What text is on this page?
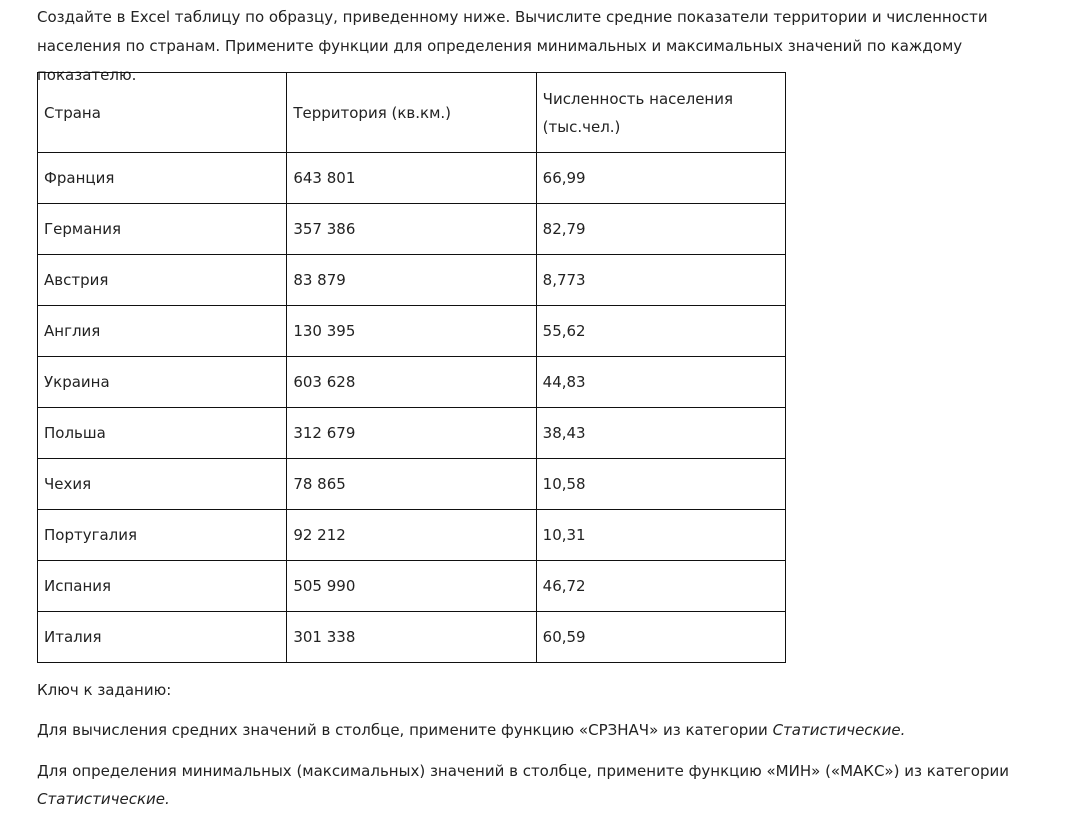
Создайте в Excel таблицу по образцу, приведенному ниже. Вычислите средние показатели территории и численности населения по странам. Примените функции для определения минимальных и максимальных значений по каждому показателю.

Страна	Территория (кв.км.)	Численность населения (тыс.чел.)
Франция	643 801	66,99
Германия	357 386	82,79
Австрия	83 879	8,773
Англия	130 395	55,62
Украина	603 628	44,83
Польша	312 679	38,43
Чехия	78 865	10,58
Португалия	92 212	10,31
Испания	505 990	46,72
Италия	301 338	60,59

Ключ к заданию:

Для вычисления средних значений в столбце, примените функцию «СРЗНАЧ» из категории Статистические.

Для определения минимальных (максимальных) значений в столбце, примените функцию «МИН» («МАКС») из категории Статистические.
